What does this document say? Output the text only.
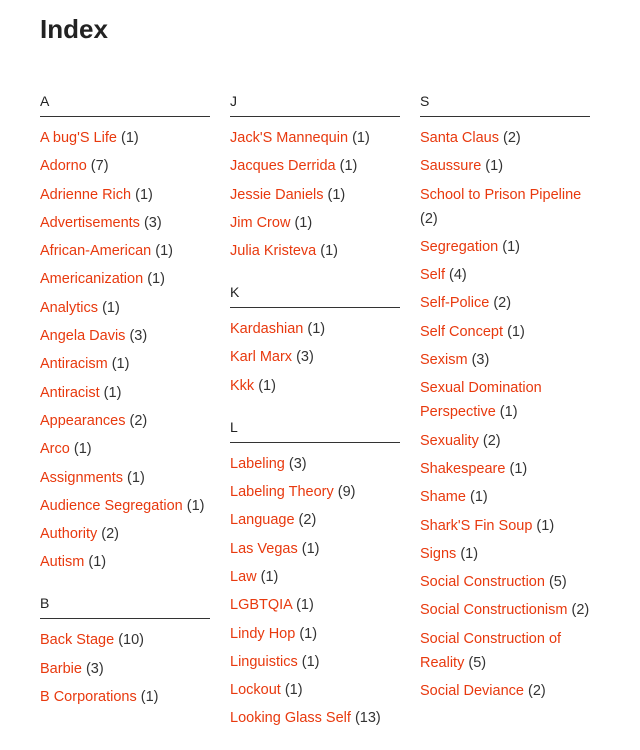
Index
A
A bug'S Life (1)
Adorno (7)
Adrienne Rich (1)
Advertisements (3)
African-American (1)
Americanization (1)
Analytics (1)
Angela Davis (3)
Antiracism (1)
Antiracist (1)
Appearances (2)
Arco (1)
Assignments (1)
Audience Segregation (1)
Authority (2)
Autism (1)
B
Back Stage (10)
Barbie (3)
B Corporations (1)
J
Jack'S Mannequin (1)
Jacques Derrida (1)
Jessie Daniels (1)
Jim Crow (1)
Julia Kristeva (1)
K
Kardashian (1)
Karl Marx (3)
Kkk (1)
L
Labeling (3)
Labeling Theory (9)
Language (2)
Las Vegas (1)
Law (1)
LGBTQIA (1)
Lindy Hop (1)
Linguistics (1)
Lockout (1)
Looking Glass Self (13)
S
Santa Claus (2)
Saussure (1)
School to Prison Pipeline (2)
Segregation (1)
Self (4)
Self-Police (2)
Self Concept (1)
Sexism (3)
Sexual Domination Perspective (1)
Sexuality (2)
Shakespeare (1)
Shame (1)
Shark'S Fin Soup (1)
Signs (1)
Social Construction (5)
Social Constructionism (2)
Social Construction of Reality (5)
Social Deviance (2)
